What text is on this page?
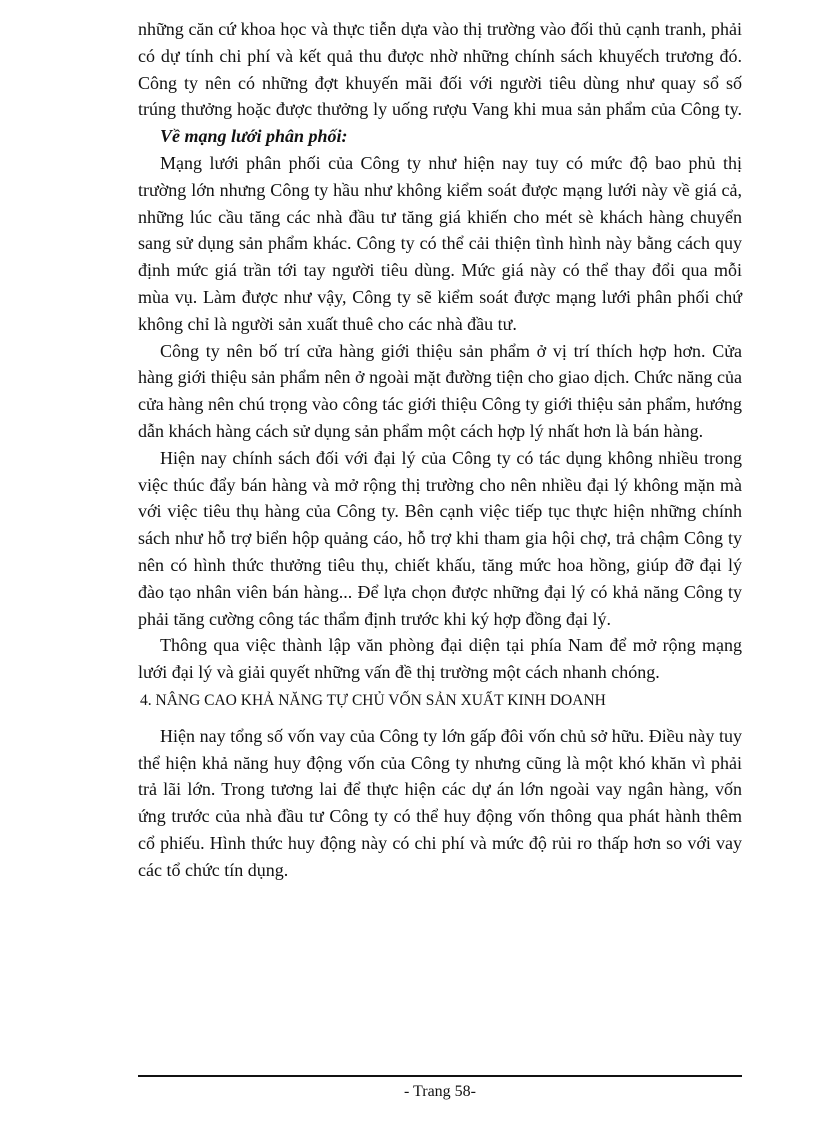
những căn cứ khoa học và thực tiễn dựa vào thị trường vào đối thủ cạnh tranh, phải có dự tính chi phí và kết quả thu được nhờ những chính sách khuyếch trương đó. Công ty nên có những đợt khuyến mãi đối với người tiêu dùng như quay sổ số trúng thưởng hoặc được thưởng ly uống rượu Vang khi mua sản phẩm của Công ty.

Về mạng lưới phân phối:

Mạng lưới phân phối của Công ty như hiện nay tuy có mức độ bao phủ thị trường lớn nhưng Công ty hầu như không kiểm soát được mạng lưới này về giá cả, những lúc cầu tăng các nhà đầu tư tăng giá khiến cho mét sè khách hàng chuyển sang sử dụng sản phẩm khác. Công ty có thể cải thiện tình hình này bằng cách quy định mức giá trần tới tay người tiêu dùng. Mức giá này có thể thay đổi qua mỗi mùa vụ. Làm được như vậy, Công ty sẽ kiểm soát được mạng lưới phân phối chứ không chỉ là người sản xuất thuê cho các nhà đầu tư.

Công ty nên bố trí cửa hàng giới thiệu sản phẩm ở vị trí thích hợp hơn. Cửa hàng giới thiệu sản phẩm nên ở ngoài mặt đường tiện cho giao dịch. Chức năng của cửa hàng nên chú trọng vào công tác giới thiệu Công ty giới thiệu sản phẩm, hướng dẫn khách hàng cách sử dụng sản phẩm một cách hợp lý nhất hơn là bán hàng.

Hiện nay chính sách đối với đại lý của Công ty có tác dụng không nhiều trong việc thúc đẩy bán hàng và mở rộng thị trường cho nên nhiều đại lý không mặn mà với việc tiêu thụ hàng của Công ty. Bên cạnh việc tiếp tục thực hiện những chính sách như hỗ trợ biển hộp quảng cáo, hỗ trợ khi tham gia hội chợ, trả chậm Công ty nên có hình thức thưởng tiêu thụ, chiết khấu, tăng mức hoa hồng, giúp đỡ đại lý đào tạo nhân viên bán hàng... Để lựa chọn được những đại lý có khả năng Công ty phải tăng cường công tác thẩm định trước khi ký hợp đồng đại lý.

Thông qua việc thành lập văn phòng đại diện tại phía Nam để mở rộng mạng lưới đại lý và giải quyết những vấn đề thị trường một cách nhanh chóng.

4. NÂNG CAO KHẢ NĂNG TỰ CHỦ VỐN SẢN XUẤT KINH DOANH

Hiện nay tổng số vốn vay của Công ty lớn gấp đôi vốn chủ sở hữu. Điều này tuy thể hiện khả năng huy động vốn của Công ty nhưng cũng là một khó khăn vì phải trả lãi lớn. Trong tương lai để thực hiện các dự án lớn ngoài vay ngân hàng, vốn ứng trước của nhà đầu tư Công ty có thể huy động vốn thông qua phát hành thêm cổ phiếu. Hình thức huy động này có chi phí và mức độ rủi ro thấp hơn so với vay các tổ chức tín dụng.

- Trang 58-
